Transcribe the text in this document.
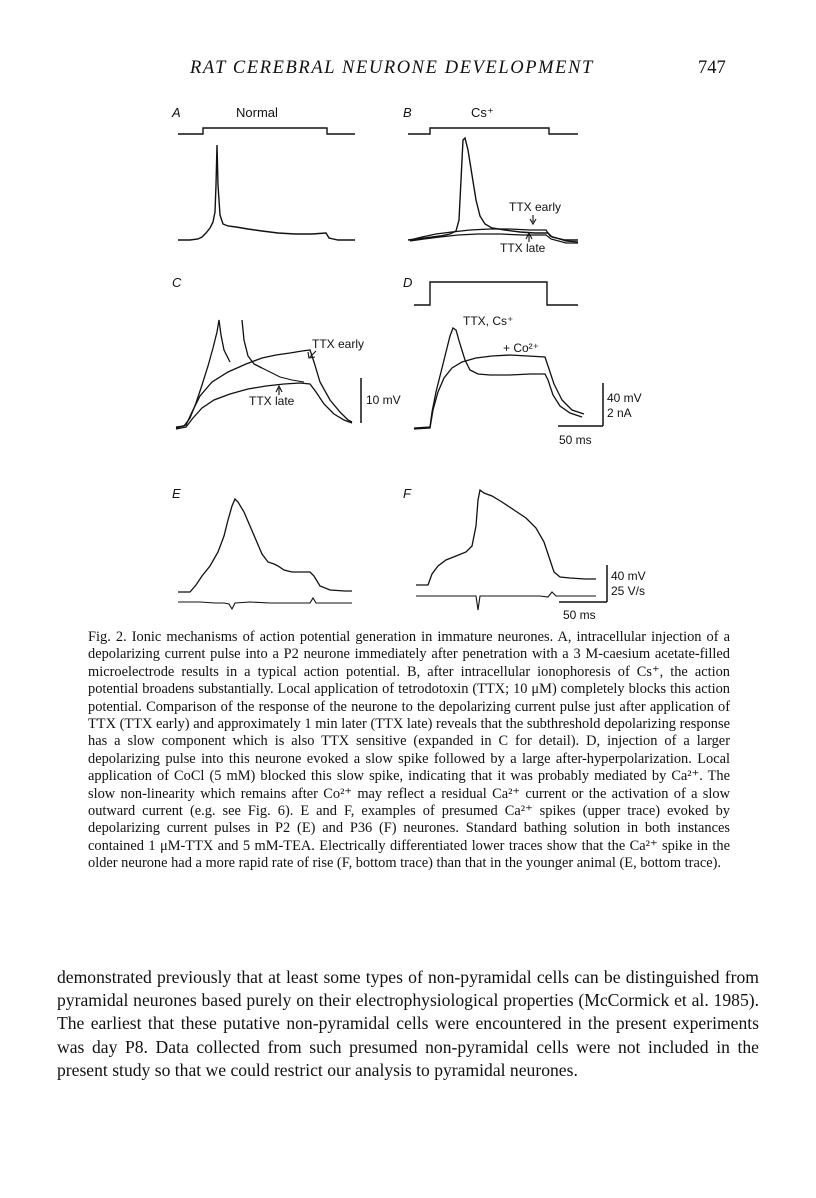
RAT CEREBRAL NEURONE DEVELOPMENT	747
A	Normal	B	Cs⁺
TTX early
TTX late
C
TTX early
TTX late	10 mV
D
TTX, Cs⁺
+ Co²⁺
40 mV
2 nA
50 ms
E	F
40 mV
25 V/s
50 ms
Fig. 2. Ionic mechanisms of action potential generation in immature neurones. A, intracellular injection of a depolarizing current pulse into a P2 neurone immediately after penetration with a 3 M-caesium acetate-filled microelectrode results in a typical action potential. B, after intracellular ionophoresis of Cs⁺, the action potential broadens substantially. Local application of tetrodotoxin (TTX; 10 μM) completely blocks this action potential. Comparison of the response of the neurone to the depolarizing current pulse just after application of TTX (TTX early) and approximately 1 min later (TTX late) reveals that the subthreshold depolarizing response has a slow component which is also TTX sensitive (expanded in C for detail). D, injection of a larger depolarizing pulse into this neurone evoked a slow spike followed by a large after-hyperpolarization. Local application of CoCl (5 mM) blocked this slow spike, indicating that it was probably mediated by Ca²⁺. The slow non-linearity which remains after Co²⁺ may reflect a residual Ca²⁺ current or the activation of a slow outward current (e.g. see Fig. 6). E and F, examples of presumed Ca²⁺ spikes (upper trace) evoked by depolarizing current pulses in P2 (E) and P36 (F) neurones. Standard bathing solution in both instances contained 1 μM-TTX and 5 mM-TEA. Electrically differentiated lower traces show that the Ca²⁺ spike in the older neurone had a more rapid rate of rise (F, bottom trace) than that in the younger animal (E, bottom trace).
demonstrated previously that at least some types of non-pyramidal cells can be distinguished from pyramidal neurones based purely on their electrophysiological properties (McCormick et al. 1985). The earliest that these putative non-pyramidal cells were encountered in the present experiments was day P8. Data collected from such presumed non-pyramidal cells were not included in the present study so that we could restrict our analysis to pyramidal neurones.
